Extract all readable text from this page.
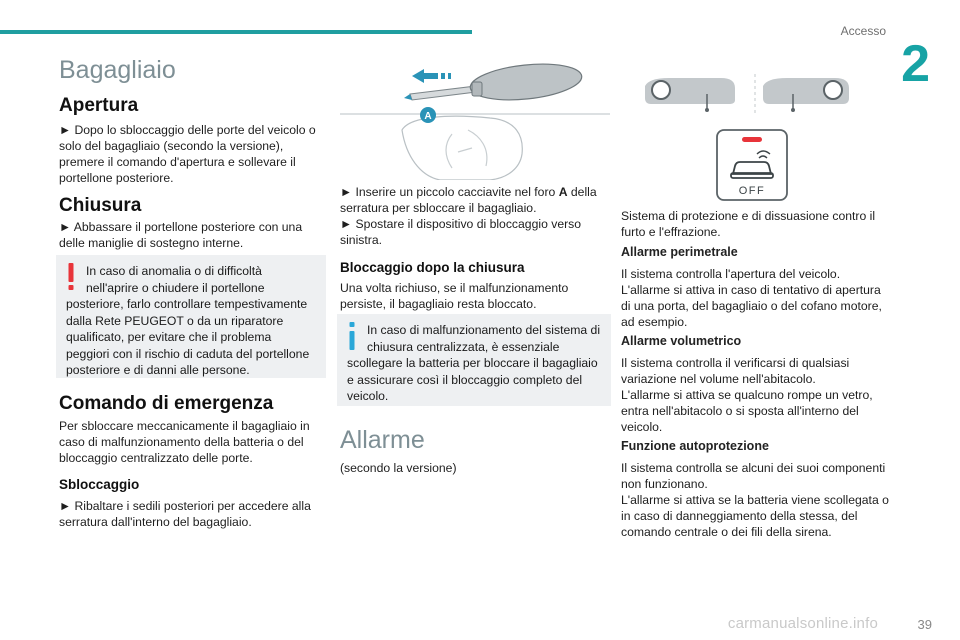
Accesso
2
Bagagliaio
Apertura
► Dopo lo sbloccaggio delle porte del veicolo o solo del bagagliaio (secondo la versione), premere il comando d'apertura e sollevare il portellone posteriore.
Chiusura
► Abbassare il portellone posteriore con una delle maniglie di sostegno interne.
In caso di anomalia o di difficoltà nell'aprire o chiudere il portellone
posteriore, farlo controllare tempestivamente dalla Rete PEUGEOT o da un riparatore qualificato, per evitare che il problema peggiori con il rischio di caduta del portellone posteriore e di danni alle persone.
Comando di emergenza
Per sbloccare meccanicamente il bagagliaio in caso di malfunzionamento della batteria o del bloccaggio centralizzato delle porte.
Sbloccaggio
► Ribaltare i sedili posteriori per accedere alla serratura dall'interno del bagagliaio.
A
► Inserire un piccolo cacciavite nel foro A della serratura per sbloccare il bagagliaio.
► Spostare il dispositivo di bloccaggio verso sinistra.
Bloccaggio dopo la chiusura
Una volta richiuso, se il malfunzionamento persiste, il bagagliaio resta bloccato.
In caso di malfunzionamento del sistema di chiusura centralizzata, è essenziale
scollegare la batteria per bloccare il bagagliaio e assicurare così il bloccaggio completo del veicolo.
Allarme
(secondo la versione)
OFF
Sistema di protezione e di dissuasione contro il furto e l'effrazione.
Allarme perimetrale
Il sistema controlla l'apertura del veicolo.
L'allarme si attiva in caso di tentativo di apertura di una porta, del bagagliaio o del cofano motore, ad esempio.
Allarme volumetrico
Il sistema controlla il verificarsi di qualsiasi variazione nel volume nell'abitacolo.
L'allarme si attiva se qualcuno rompe un vetro, entra nell'abitacolo o si sposta all'interno del veicolo.
Funzione autoprotezione
Il sistema controlla se alcuni dei suoi componenti non funzionano.
L'allarme si attiva se la batteria viene scollegata o in caso di danneggiamento della stessa, del comando centrale o dei fili della sirena.
carmanualsonline.info	39
